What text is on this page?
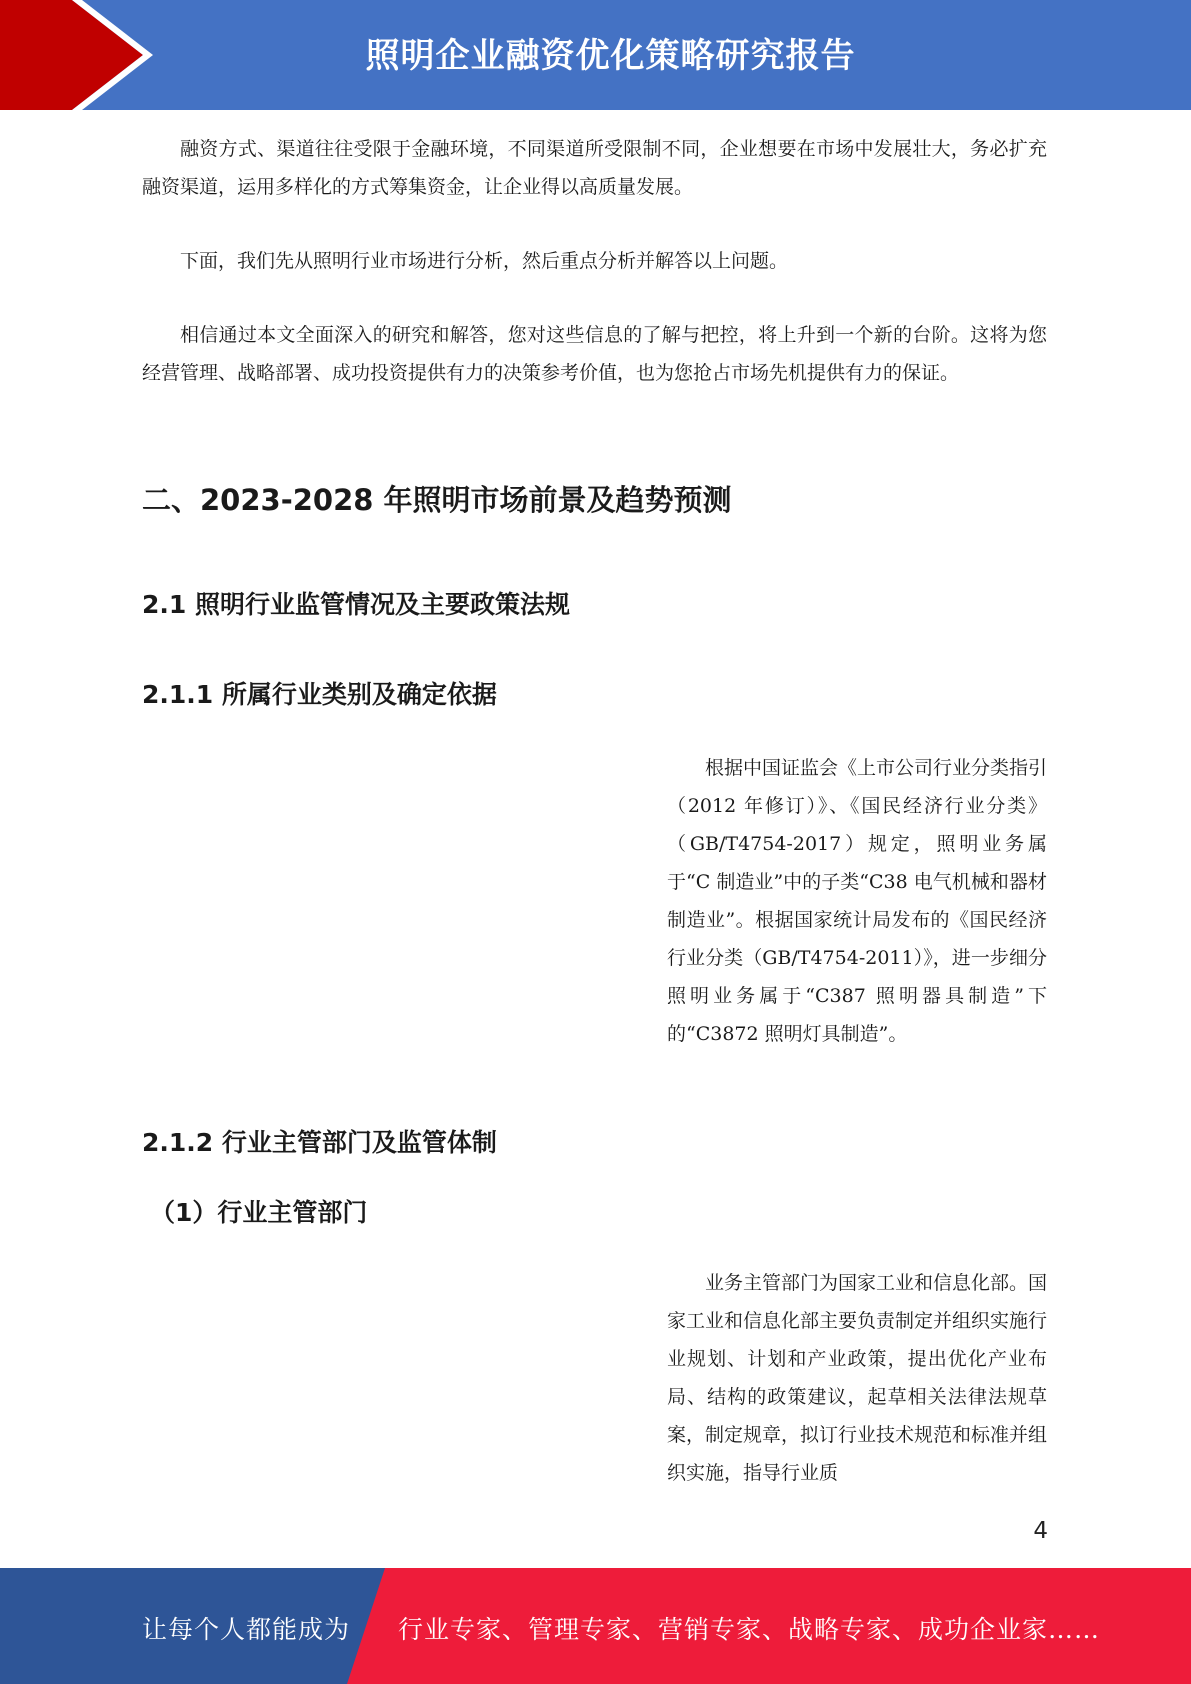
照明企业融资优化策略研究报告

融资方式、渠道往往受限于金融环境，不同渠道所受限制不同，企业想要在市场中发展壮大，务必扩充融资渠道，运用多样化的方式筹集资金，让企业得以高质量发展。

下面，我们先从照明行业市场进行分析，然后重点分析并解答以上问题。

相信通过本文全面深入的研究和解答，您对这些信息的了解与把控，将上升到一个新的台阶。这将为您经营管理、战略部署、成功投资提供有力的决策参考价值，也为您抢占市场先机提供有力的保证。

二、2023-2028 年照明市场前景及趋势预测
2.1 照明行业监管情况及主要政策法规
2.1.1 所属行业类别及确定依据

根据中国证监会《上市公司行业分类指引（2012 年修订）》、《国民经济行业分类》（GB/T4754-2017）规定，照明业务属于“C 制造业”中的子类“C38 电气机械和器材制造业”。根据国家统计局发布的《国民经济行业分类（GB/T4754-2011）》，进一步细分照明业务属于“C387 照明器具制造”下的“C3872 照明灯具制造”。

2.1.2 行业主管部门及监管体制
（1）行业主管部门

业务主管部门为国家工业和信息化部。国家工业和信息化部主要负责制定并组织实施行业规划、计划和产业政策，提出优化产业布局、结构的政策建议，起草相关法律法规草案，制定规章，拟订行业技术规范和标准并组织实施，指导行业质

4
让每个人都能成为 行业专家、管理专家、营销专家、战略专家、成功企业家……
